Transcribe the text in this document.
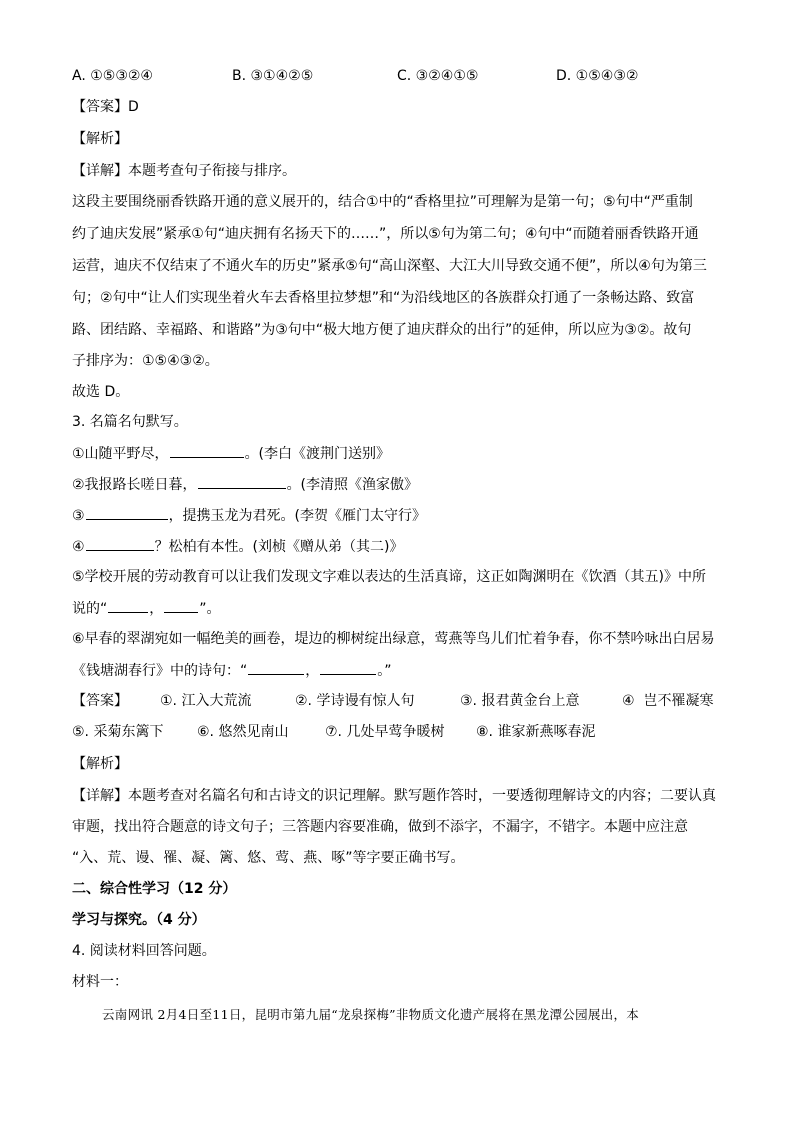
A. ①⑤③②④	B. ③①④②⑤	C. ③②④①⑤	D. ①⑤④③②
【答案】D
【解析】
【详解】本题考查句子衔接与排序。
这段主要围绕丽香铁路开通的意义展开的，结合①中的“香格里拉”可理解为是第一句；⑤句中“严重制
约了迪庆发展”紧承①句“迪庆拥有名扬天下的……”，所以⑤句为第二句；④句中“而随着丽香铁路开通
运营，迪庆不仅结束了不通火车的历史”紧承⑤句“高山深壑、大江大川导致交通不便”，所以④句为第三
句；②句中“让人们实现坐着火车去香格里拉梦想”和“为沿线地区的各族群众打通了一条畅达路、致富
路、团结路、幸福路、和谐路”为③句中“极大地方便了迪庆群众的出行”的延伸，所以应为③②。故句
子排序为：①⑤④③②。
故选 D。
3. 名篇名句默写。
①山随平野尽，	。(李白《渡荆门送别》
②我报路长嗟日暮，	。(李清照《渔家傲》
③	，提携玉龙为君死。(李贺《雁门太守行》
④	？松柏有本性。(刘桢《赠从弟（其二)》
⑤学校开展的劳动教育可以让我们发现文字难以表达的生活真谛，这正如陶渊明在《饮酒（其五)》中所
说的“	，	”。
⑥早春的翠湖宛如一幅绝美的画卷，堤边的柳树绽出绿意，莺燕等鸟儿们忙着争春，你不禁吟咏出白居易
《钱塘湖春行》中的诗句：“	，	。”
【答案】 ①. 江入大荒流	②. 学诗谩有惊人句	③. 报君黄金台上意	④ 岂不罹凝寒
⑤. 采菊东篱下 ⑥. 悠然见南山	⑦. 几处早莺争暖树 ⑧. 谁家新燕啄春泥
【解析】
【详解】本题考查对名篇名句和古诗文的识记理解。默写题作答时，一要透彻理解诗文的内容；二要认真
审题，找出符合题意的诗文句子；三答题内容要准确，做到不添字，不漏字，不错字。本题中应注意
“入、荒、谩、罹、凝、篱、悠、莺、燕、啄”等字要正确书写。
二、综合性学习（12 分）
学习与探究。（4 分）
4. 阅读材料回答问题。
材料一：
云南网讯 2月4日至11日，昆明市第九届“龙泉探梅”非物质文化遗产展将在黑龙潭公园展出，本
